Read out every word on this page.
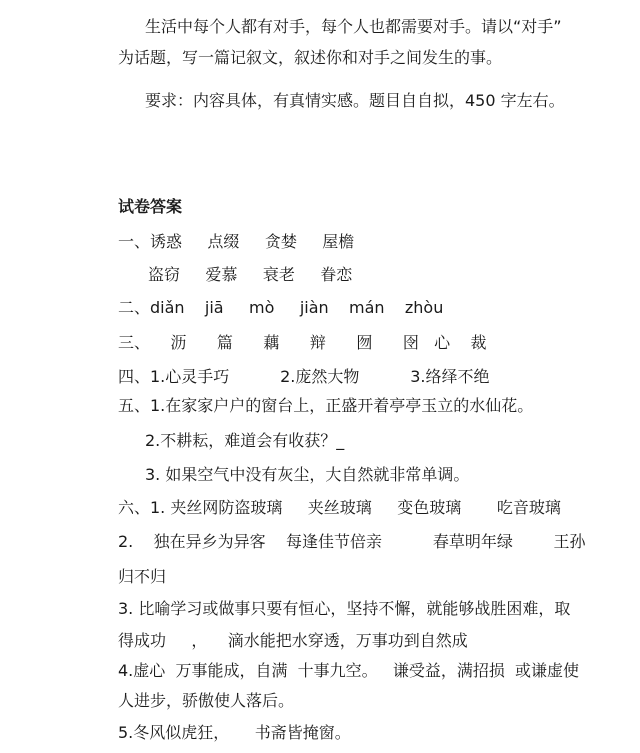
生活中每个人都有对手，每个人也都需要对手。请以“对手”
为话题，写一篇记叙文，叙述你和对手之间发生的事。
要求：内容具体，有真情实感。题目自自拟，450 字左右。
试卷答案
一、诱惑     点缀     贪婪     屋檐
盗窃     爱慕     衰老     眷恋
二、diǎn    jiā     mò     jiàn    mán    zhòu
三、    沥      篇      藕      辩      囫      囹   心    裁
四、1.心灵手巧          2.庞然大物          3.络绎不绝
五、1.在家家户户的窗台上，正盛开着亭亭玉立的水仙花。
2.不耕耘，难道会有收获？_
3. 如果空气中没有灰尘，大自然就非常单调。
六、1. 夹丝网防盗玻璃     夹丝玻璃     变色玻璃       吃音玻璃
2.    独在异乡为异客    每逢佳节倍亲          春草明年绿        王孙
归不归
3. 比喻学习或做事只要有恒心，坚持不懈，就能够战胜困难，取
得成功     ，    滴水能把水穿透，万事功到自然成
4.虚心  万事能成，自满  十事九空。   谦受益，满招损  或谦虚使
人进步，骄傲使人落后。
5.冬风似虎狂，     书斋皆掩窗。
